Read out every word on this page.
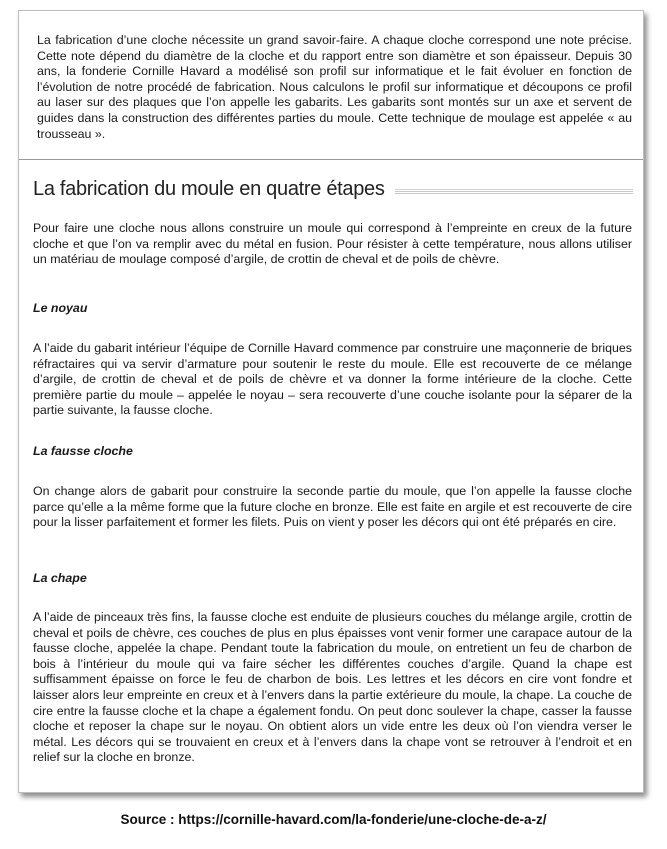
La fabrication d’une cloche nécessite un grand savoir-faire. A chaque cloche correspond une note précise. Cette note dépend du diamètre de la cloche et du rapport entre son diamètre et son épaisseur. Depuis 30 ans, la fonderie Cornille Havard a modélisé son profil sur informatique et le fait évoluer en fonction de l’évolution de notre procédé de fabrication. Nous calculons le profil sur informatique et découpons ce profil au laser sur des plaques que l’on appelle les gabarits. Les gabarits sont montés sur un axe et servent de guides dans la construction des différentes parties du moule. Cette technique de moulage est appelée « au trousseau ».
La fabrication du moule en quatre étapes
Pour faire une cloche nous allons construire un moule qui correspond à l’empreinte en creux de la future cloche et que l’on va remplir avec du métal en fusion. Pour résister à cette température, nous allons utiliser un matériau de moulage composé d’argile, de crottin de cheval et de poils de chèvre.
Le noyau
A l’aide du gabarit intérieur l’équipe de Cornille Havard commence par construire une maçonnerie de briques réfractaires qui va servir d’armature pour soutenir le reste du moule. Elle est recouverte de ce mélange d’argile, de crottin de cheval et de poils de chèvre et va donner la forme intérieure de la cloche. Cette première partie du moule – appelée le noyau – sera recouverte d’une couche isolante pour la séparer de la partie suivante, la fausse cloche.
La fausse cloche
On change alors de gabarit pour construire la seconde partie du moule, que l’on appelle la fausse cloche parce qu’elle a la même forme que la future cloche en bronze. Elle est faite en argile et est recouverte de cire pour la lisser parfaitement et former les filets. Puis on vient y poser les décors qui ont été préparés en cire.
La chape
A l’aide de pinceaux très fins, la fausse cloche est enduite de plusieurs couches du mélange argile, crottin de cheval et poils de chèvre, ces couches de plus en plus épaisses vont venir former une carapace autour de la fausse cloche, appelée la chape. Pendant toute la fabrication du moule, on entretient un feu de charbon de bois à l’intérieur du moule qui va faire sécher les différentes couches d’argile. Quand la chape est suffisamment épaisse on force le feu de charbon de bois. Les lettres et les décors en cire vont fondre et laisser alors leur empreinte en creux et à l’envers dans la partie extérieure du moule, la chape. La couche de cire entre la fausse cloche et la chape a également fondu. On peut donc soulever la chape, casser la fausse cloche et reposer la chape sur le noyau. On obtient alors un vide entre les deux où l’on viendra verser le métal. Les décors qui se trouvaient en creux et à l’envers dans la chape vont se retrouver à l’endroit et en relief sur la cloche en bronze.
Source : https://cornille-havard.com/la-fonderie/une-cloche-de-a-z/
